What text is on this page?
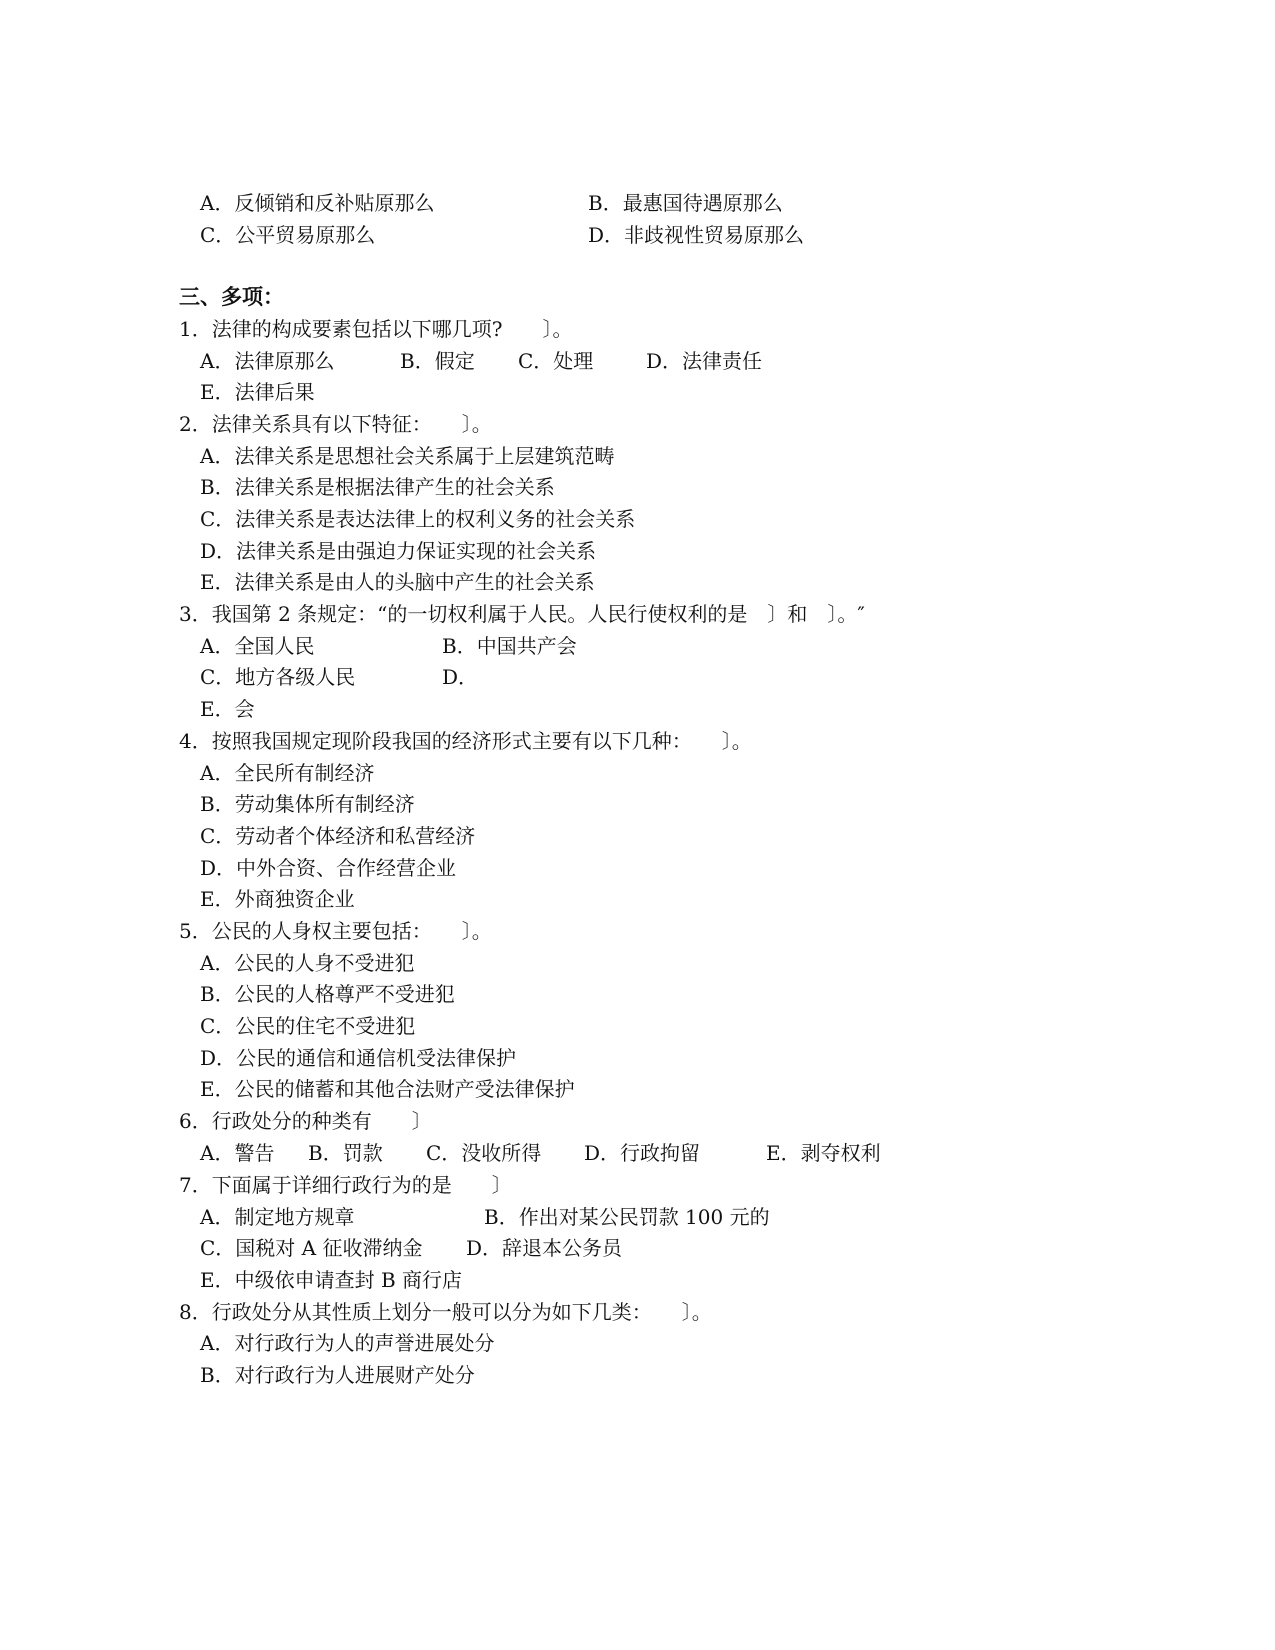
A．反倾销和反补贴原那么	B．最惠国待遇原那么
C．公平贸易原那么	D．非歧视性贸易原那么
三、多项：
1．法律的构成要素包括以下哪几项?　　〕。
A．法律原那么	B．假定 C．处理	D．法律责任
E．法律后果
2．法律关系具有以下特征：　　〕。
A．法律关系是思想社会关系属于上层建筑范畴
B．法律关系是根据法律产生的社会关系
C．法律关系是表达法律上的权利义务的社会关系
D．法律关系是由强迫力保证实现的社会关系
E．法律关系是由人的头脑中产生的社会关系
3．我国第 2 条规定：“的一切权利属于人民。人民行使权利的是　〕和　〕。″
A．全国人民	B．中国共产会
C．地方各级人民	D．
E．会
4．按照我国规定现阶段我国的经济形式主要有以下几种：　　〕。
A．全民所有制经济
B．劳动集体所有制经济
C．劳动者个体经济和私营经济
D．中外合资、合作经营企业
E．外商独资企业
5．公民的人身权主要包括：　　〕。
A．公民的人身不受进犯
B．公民的人格尊严不受进犯
C．公民的住宅不受进犯
D．公民的通信和通信机受法律保护
E．公民的储蓄和其他合法财产受法律保护
6．行政处分的种类有　　〕
A．警告 B．罚款 C．没收所得 D．行政拘留	E．剥夺权利
7．下面属于详细行政行为的是　　〕
A．制定地方规章	B．作出对某公民罚款 100 元的
C．国税对 A 征收滞纳金 D．辞退本公务员
E．中级依申请查封 B 商行店
8．行政处分从其性质上划分一般可以分为如下几类：　　〕。
A．对行政行为人的声誉进展处分
B．对行政行为人进展财产处分
